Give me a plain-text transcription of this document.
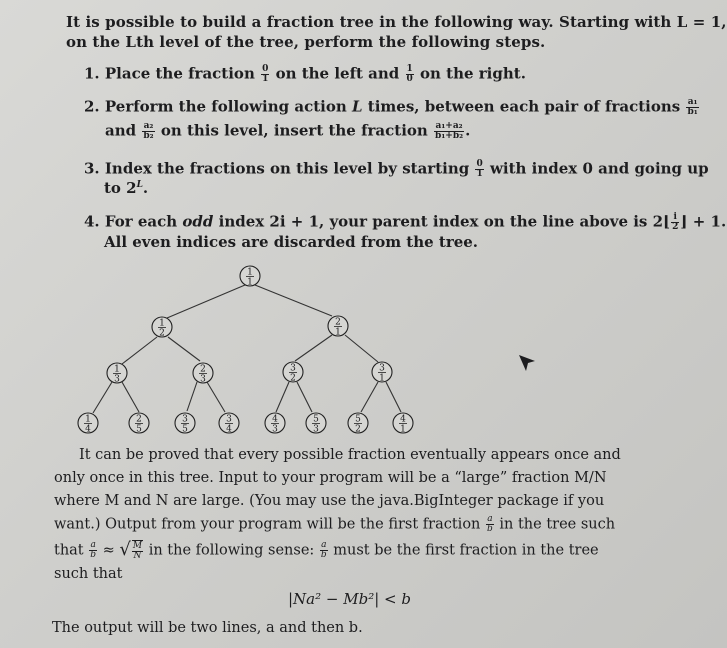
It is possible to build a fraction tree in the following way. Starting with L = 1,
on the Lth level of the tree, perform the following steps.
1. Place the fraction $\frac{0}{1}$ on the left and $\frac{1}{0}$ on the right.
2. Perform the following action L times, between each pair of fractions $\frac{\text{a₁}}{\text{b₁}}$
and $\frac{\text{a₂}}{\text{b₂}}$ on this level, insert the fraction $\frac{\text{a₁+a₂}}{\text{b₁+b₂}}$ .
3. Index the fractions on this level by starting $\frac{0}{1}$ with index 0 and going up
to $2^L$.
4. For each odd index 2i + 1, your parent index on the line above is 2⌊ $\frac{i}{2}$ ⌋ + 1.
All even indices are discarded from the tree.
1
1
1
2
2
1
1
3
2
3
3
2
3
1
1
4
2
5
3
5
3
4
4
3
5
3
5
2
4
1
It can be proved that every possible fraction eventually appears once and
only once in this tree. Input to your program will be a “large” fraction M/N
where M and N are large. (You may use the java.BigInteger package if you
want.) Output from your program will be the first fraction $\frac{a}{b}$ in the tree such
that $\frac{a}{b}$ ≈ √ $\frac{M}{N}$ in the following sense: $\frac{a}{b}$ must be the first fraction in the tree
such that
|Na² − Mb²| < b
The output will be two lines, a and then b.
